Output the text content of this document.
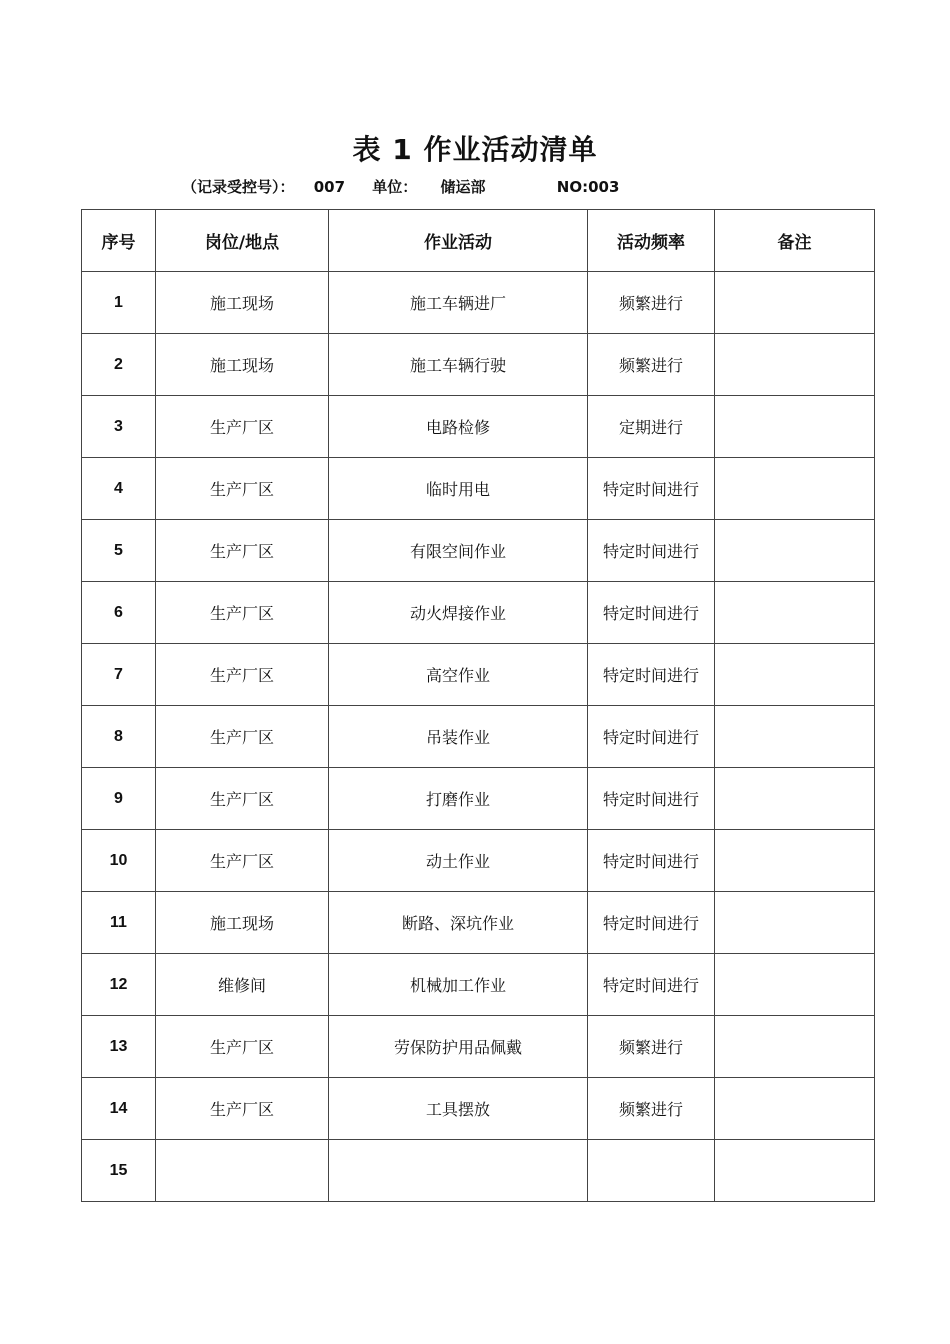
表 1 作业活动清单
（记录受控号）： 007 单位： 储运部	NO:003
序号	岗位/地点	作业活动	活动频率	备注
1	施工现场	施工车辆进厂	频繁进行	
2	施工现场	施工车辆行驶	频繁进行	
3	生产厂区	电路检修	定期进行	
4	生产厂区	临时用电	特定时间进行	
5	生产厂区	有限空间作业	特定时间进行	
6	生产厂区	动火焊接作业	特定时间进行	
7	生产厂区	高空作业	特定时间进行	
8	生产厂区	吊装作业	特定时间进行	
9	生产厂区	打磨作业	特定时间进行	
10	生产厂区	动土作业	特定时间进行	
11	施工现场	断路、深坑作业	特定时间进行	
12	维修间	机械加工作业	特定时间进行	
13	生产厂区	劳保防护用品佩戴	频繁进行	
14	生产厂区	工具摆放	频繁进行	
15				
